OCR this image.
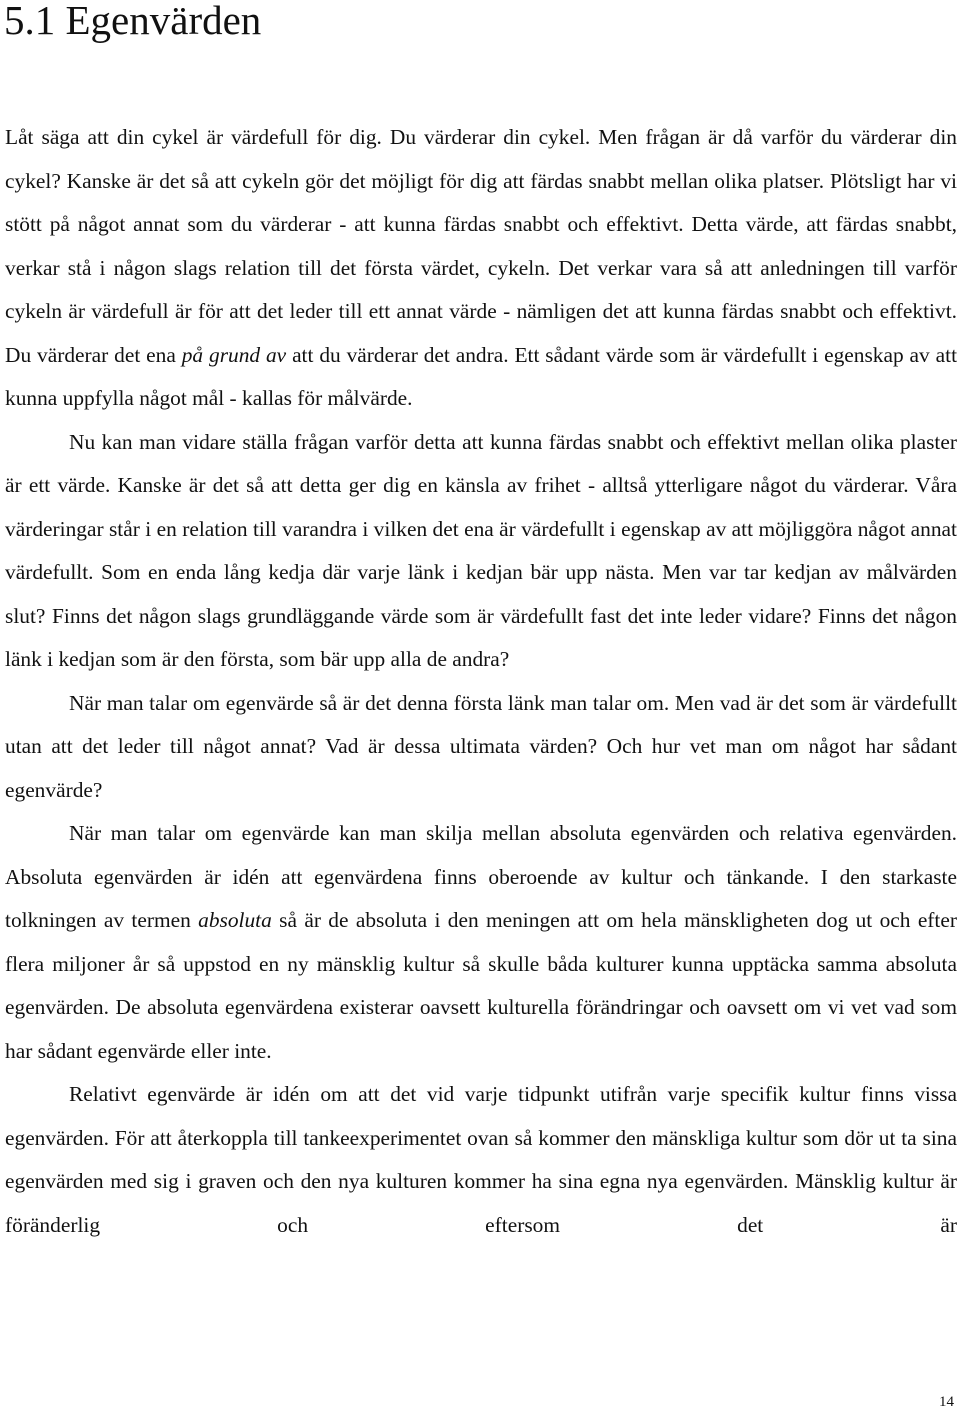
5.1 Egenvärden

Låt säga att din cykel är värdefull för dig. Du värderar din cykel. Men frågan är då varför du värderar din cykel? Kanske är det så att cykeln gör det möjligt för dig att färdas snabbt mellan olika platser. Plötsligt har vi stött på något annat som du värderar - att kunna färdas snabbt och effektivt. Detta värde, att färdas snabbt, verkar stå i någon slags relation till det första värdet, cykeln. Det verkar vara så att anledningen till varför cykeln är värdefull är för att det leder till ett annat värde - nämligen det att kunna färdas snabbt och effektivt. Du värderar det ena på grund av att du värderar det andra. Ett sådant värde som är värdefullt i egenskap av att kunna uppfylla något mål - kallas för målvärde.

Nu kan man vidare ställa frågan varför detta att kunna färdas snabbt och effektivt mellan olika plaster är ett värde. Kanske är det så att detta ger dig en känsla av frihet - alltså ytterligare något du värderar. Våra värderingar står i en relation till varandra i vilken det ena är värdefullt i egenskap av att möjliggöra något annat värdefullt. Som en enda lång kedja där varje länk i kedjan bär upp nästa. Men var tar kedjan av målvärden slut? Finns det någon slags grundläggande värde som är värdefullt fast det inte leder vidare? Finns det någon länk i kedjan som är den första, som bär upp alla de andra?

När man talar om egenvärde så är det denna första länk man talar om. Men vad är det som är värdefullt utan att det leder till något annat? Vad är dessa ultimata värden? Och hur vet man om något har sådant egenvärde?

När man talar om egenvärde kan man skilja mellan absoluta egenvärden och relativa egenvärden. Absoluta egenvärden är idén att egenvärdena finns oberoende av kultur och tänkande. I den starkaste tolkningen av termen absoluta så är de absoluta i den meningen att om hela mänskligheten dog ut och efter flera miljoner år så uppstod en ny mänsklig kultur så skulle båda kulturer kunna upptäcka samma absoluta egenvärden. De absoluta egenvärdena existerar oavsett kulturella förändringar och oavsett om vi vet vad som har sådant egenvärde eller inte.

Relativt egenvärde är idén om att det vid varje tidpunkt utifrån varje specifik kultur finns vissa egenvärden. För att återkoppla till tankeexperimentet ovan så kommer den mänskliga kultur som dör ut ta sina egenvärden med sig i graven och den nya kulturen kommer ha sina egna nya egenvärden. Mänsklig kultur är föränderlig och eftersom det är

14
